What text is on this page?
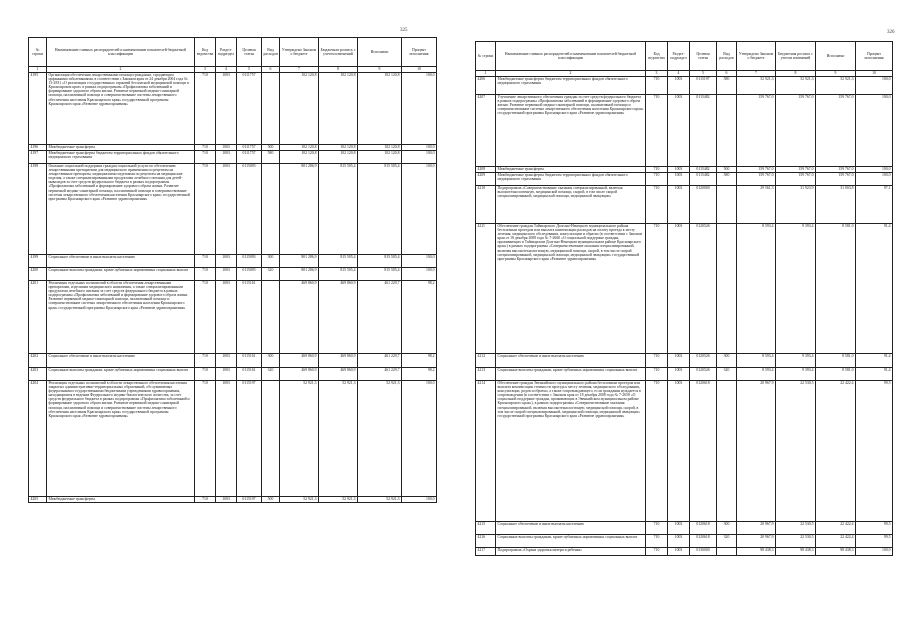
325
№ строки	Наименование главных распорядителей и наименование показателей бюджетной классификации	Код ведомства	Раздел-подраздел	Целевая статья	Вид расходов	Утверждено Законом о бюджете	Бюджетная роспись с учетом изменений	Исполнено	Процент исполнения
1	2	3	4	5	6	7	8	9	10
4195	Организация обеспечения лекарственными помощи гражданам, страдающим орфанными заболеваниями, в соответствии с Законом края от 24 декабря 2004 года № 13-2831 «О реализации государственных гарантий бесплатной медицинской помощи в Красноярском крае» в рамках подпрограммы «Профилактика заболеваний и формирование здорового образа жизни. Развитие первичной медико-санитарной помощи, паллиативной помощи и совершенствование системы лекарственного обеспечения населения Красноярского края» государственной программы Красноярского края «Развитие здравоохранения»	710	1003	0111757		102 120,8	102 120,8	102 120,8	100,0
4196	Межбюджетные трансферты	710	1003	0111757	500	102 120,8	102 120,8	102 120,8	100,0
4197	Межбюджетные трансферты бюджетам территориальных фондов обязательного медицинского страхования	710	1003	0111757	580	102 120,8	102 120,8	102 120,8	100,0
4198	Оказание социальной поддержки граждан социальной услуги по обеспечению лекарственными препаратами для медицинского применения по рецептам на лекарственные препараты, медицинскими изделиями по рецептам на медицинские изделия, а также специализированными продуктами лечебного питания для детей-инвалидов за счет средств федерального бюджета в рамках подпрограммы «Профилактика заболеваний и формирование здорового образа жизни. Развитие первичной медико-санитарной помощи, паллиативной помощи и совершенствование системы лекарственного обеспечения населения Красноярского края» государственной программы Красноярского края «Развитие здравоохранения»	710	1003	0115093		801 286,9	815 505,4	815 505,4	100,0
4199	Социальное обеспечение и иные выплаты населению	710	1003	0115093	300	801 286,9	815 505,4	815 505,4	100,0
4200	Социальные выплаты гражданам, кроме публичных нормативных социальных выплат	710	1003	0115093	320	801 286,9	815 505,4	815 505,4	100,0
4201	Реализация отдельных полномочий в области обеспечения лекарственными препаратами, изделиями медицинского назначения, а также специализированными продуктами лечебного питания за счет средств федерального бюджета в рамках подпрограммы «Профилактика заболеваний и формирование здорового образа жизни. Развитие первичной медико-санитарной помощи, паллиативной помощи и совершенствование системы лекарственного обеспечения населения Красноярского края» государственной программы Красноярского края «Развитие здравоохранения»	710	1003	0115161		469 860,9	469 860,9	461 229,7	98,2
4202	Социальное обеспечение и иные выплаты населению	710	1003	0115161	300	469 860,9	469 860,9	461 229,7	98,2
4203	Социальные выплаты гражданам, кроме публичных нормативных социальных выплат	710	1003	0115161	320	469 860,9	469 860,9	461 229,7	98,2
4204	Реализация отдельных полномочий в области лекарственного обеспечения населения закрытых административно-территориальных образований, обслуживаемых федеральными государственными бюджетными учреждениями здравоохранения, находящимися в ведении Федерального медико-биологического агентства, за счет средств федерального бюджета в рамках подпрограммы «Профилактика заболеваний и формирование здорового образа жизни. Развитие первичной медико-санитарной помощи, паллиативной помощи и совершенствование системы лекарственного обеспечения населения Красноярского края» государственной программы Красноярского края «Развитие здравоохранения»	710	1003	0115197		52 921,3	52 921,3	52 921,3	100,0
4205	Межбюджетные трансферты	710	1003	0115197	500	52 921,3	52 921,3	52 921,3	100,0
326
№ строки	Наименование главных распорядителей и наименование показателей бюджетной классификации	Код ведомства	Раздел-подраздел	Целевая статья	Вид расходов	Утверждено Законом о бюджете	Бюджетная роспись с учетом изменений	Исполнено	Процент исполнения
1	2	3	4	5	6	7	8	9	10
4206	Межбюджетные трансферты бюджетам территориальных фондов обязательного медицинского страхования	710	1003	0115197	580	52 921,3	52 921,3	52 921,3	100,0
4207	Улучшение лекарственного обеспечения граждан за счет средств федерального бюджета в рамках подпрограммы «Профилактика заболеваний и формирование здорового образа жизни. Развитие первичной медико-санитарной помощи, паллиативной помощи и совершенствование системы лекарственного обеспечения населения Красноярского края» государственной программы Красноярского края «Развитие здравоохранения»	710	1003	0115482		159 767,0	159 767,0	159 767,0	100,0
4208	Межбюджетные трансферты	710	1003	0115482	500	159 767,0	159 767,0	159 767,0	100,0
4209	Межбюджетные трансферты бюджетам территориальных фондов обязательного медицинского страхования	710	1003	0115482	580	159 767,0	159 767,0	159 767,0	100,0
4210	Подпрограмма «Совершенствование оказания специализированной, включая высокотехнологичную, медицинской помощи, скорой, в том числе скорой специализированной, медицинской помощи, медицинской эвакуации»	710	1003	0120000		29 561,3	31 923,9	31 003,8	97,1
4211	Обеспечение граждан Таймырского Долгано-Ненецкого муниципального района бесплатным проездом или выплата компенсации расходов на оплату проезда к месту лечения, медицинского обследования, консультации и обратно (в соответствии с Законом края от 18 декабря 2008 года № 7-2660 «О социальной поддержке граждан, проживающих в Таймырском Долгано-Ненецком муниципальном районе Красноярского края») в рамках подпрограммы «Совершенствование оказания специализированной, включая высокотехнологичную, медицинской помощи, скорой, в том числе скорой специализированной, медицинской помощи, медицинской эвакуации» государственной программы Красноярского края «Развитие здравоохранения»	710	1003	0120526		8 593,4	9 393,4	8 581,0	91,4
4212	Социальное обеспечение и иные выплаты населению	710	1003	0120526	300	8 593,4	9 393,4	8 581,0	91,4
4213	Социальные выплаты гражданам, кроме публичных нормативных социальных выплат	710	1003	0120526	320	8 593,4	9 393,4	8 581,0	91,4
4214	Обеспечение граждан Эвенкийского муниципального района бесплатным проездом или выплата компенсации стоимости проезда к месту лечения, медицинского обследования, консультации, родов и обратно, а также сопровождающего, если гражданин нуждается в сопровождении (в соответствии с Законом края от 18 декабря 2008 года № 7-2658 «О социальной поддержке граждан, проживающих в Эвенкийском муниципальном районе Красноярского края»), в рамках подпрограммы «Совершенствование оказания специализированной, включая высокотехнологичную, медицинской помощи, скорой, в том числе скорой специализированной, медицинской помощи, медицинской эвакуации» государственной программы Красноярского края «Развитие здравоохранения»	710	1003	0120618		20 967,9	22 530,5	22 422,4	99,5
4215	Социальное обеспечение и иные выплаты населению	710	1003	0120618	300	20 967,9	22 530,5	22 422,4	99,5
4216	Социальные выплаты гражданам, кроме публичных нормативных социальных выплат	710	1003	0120618	320	20 967,9	22 530,5	22 422,4	99,5
4217	Подпрограмма «Охрана здоровья матери и ребенка»	710	1003	0130000		98 438,3	98 438,3	98 438,3	100,0
